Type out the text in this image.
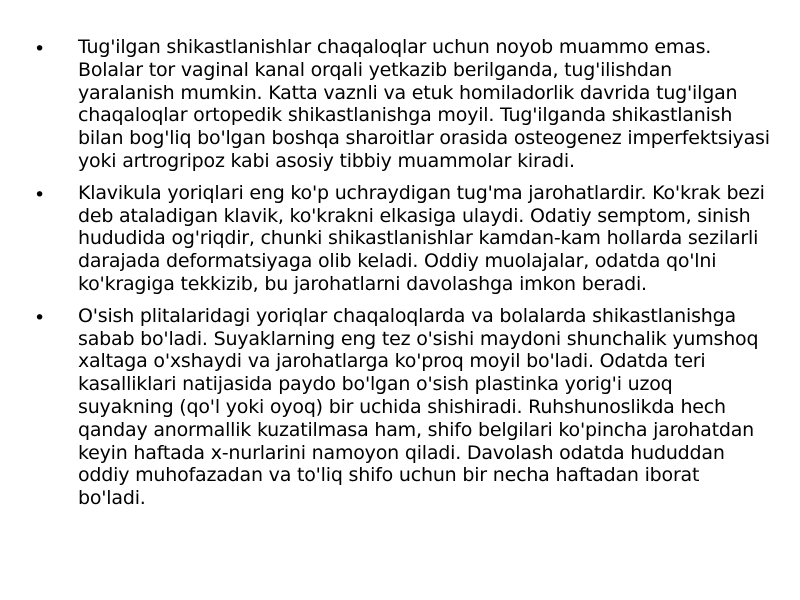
• Tug'ilgan shikastlanishlar chaqaloqlar uchun noyob muammo emas. Bolalar tor vaginal kanal orqali yetkazib berilganda, tug'ilishdan yaralanish mumkin. Katta vaznli va etuk homiladorlik davrida tug'ilgan chaqaloqlar ortopedik shikastlanishga moyil. Tug'ilganda shikastlanish bilan bog'liq bo'lgan boshqa sharoitlar orasida osteogenez imperfektsiyasi yoki artrogripoz kabi asosiy tibbiy muammolar kiradi.
• Klavikula yoriqlari eng ko'p uchraydigan tug'ma jarohatlardir. Ko'krak bezi deb ataladigan klavik, ko'krakni elkasiga ulaydi. Odatiy semptom, sinish hududida og'riqdir, chunki shikastlanishlar kamdan-kam hollarda sezilarli darajada deformatsiyaga olib keladi. Oddiy muolajalar, odatda qo'lni ko'kragiga tekkizib, bu jarohatlarni davolashga imkon beradi.
• O'sish plitalaridagi yoriqlar chaqaloqlarda va bolalarda shikastlanishga sabab bo'ladi. Suyaklarning eng tez o'sishi maydoni shunchalik yumshoq xaltaga o'xshaydi va jarohatlarga ko'proq moyil bo'ladi. Odatda teri kasalliklari natijasida paydo bo'lgan o'sish plastinka yorig'i uzoq suyakning (qo'l yoki oyoq) bir uchida shishiradi. Ruhshunoslikda hech qanday anormallik kuzatilmasa ham, shifo belgilari ko'pincha jarohatdan keyin haftada x-nurlarini namoyon qiladi. Davolash odatda hududdan oddiy muhofazadan va to'liq shifo uchun bir necha haftadan iborat bo'ladi.
